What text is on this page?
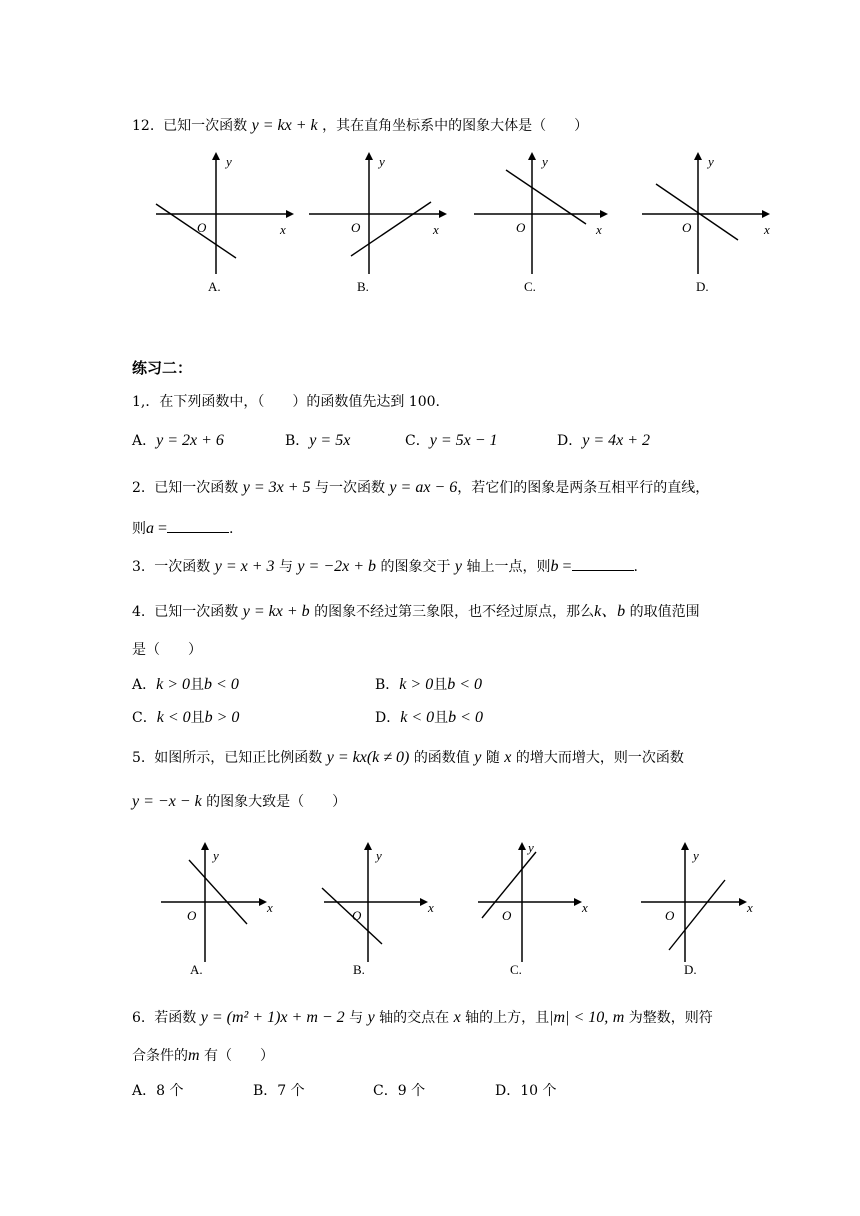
12. 已知一次函数 y = kx + k ，其在直角坐标系中的图象大体是（　　）
y
x
O
y
x
O
y
x
O
y
x
O
A.	B.	C.	D.
练习二：
1,．在下列函数中，（　　）的函数值先达到 100.
A．y = 2x + 6	B．y = 5x	C．y = 5x − 1	D．y = 4x + 2
2. 已知一次函数 y = 3x + 5 与一次函数 y = ax − 6，若它们的图象是两条互相平行的直线，
则a =	.
3. 一次函数 y = x + 3 与 y = −2x + b 的图象交于 y 轴上一点，则b =	.
4. 已知一次函数 y = kx + b 的图象不经过第三象限，也不经过原点，那么k、b 的取值范围
是（　　）
A．k > 0且b < 0	B．k > 0且b < 0
C．k < 0且b > 0	D．k < 0且b < 0
5. 如图所示，已知正比例函数 y = kx(k ≠ 0) 的函数值 y 随 x 的增大而增大，则一次函数
y = −x − k 的图象大致是（　　）
y
x
O
y
x
O
y
x
O
y
x
O
A.	B.	C.	D.
6. 若函数 y = (m² + 1)x + m − 2 与 y 轴的交点在 x 轴的上方，且|m| < 10, m 为整数，则符
合条件的m 有（　　）
A．8 个	B．7 个	C．9 个	D．10 个
